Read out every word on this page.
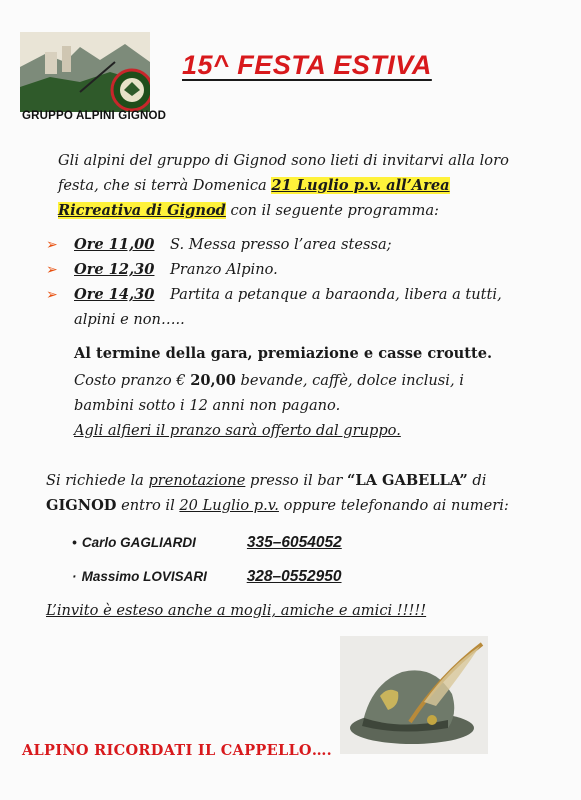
GRUPPO ALPINI GIGNOD
15^ FESTA ESTIVA
Gli alpini del gruppo di Gignod sono lieti di invitarvi alla loro
festa, che si terrà Domenica 21 Luglio p.v. all’Area
Ricreativa di Gignod con il seguente programma:
➢ Ore 11,00 S. Messa presso l’area stessa;
➢ Ore 12,30 Pranzo Alpino.
➢ Ore 14,30 Partita a petanque a baraonda, libera a tutti,
alpini e non…..
Al termine della gara, premiazione e casse croutte.
Costo pranzo € 20,00 bevande, caffè, dolce inclusi, i
bambini sotto i 12 anni non pagano.
Agli alfieri il pranzo sarà offerto dal gruppo.
Si richiede la prenotazione presso il bar “LA GABELLA” di
GIGNOD entro il 20 Luglio p.v. oppure telefonando ai numeri:
• Carlo GAGLIARDI	335–6054052
· Massimo LOVISARI	328–0552950
L’invito è esteso anche a mogli, amiche e amici !!!!!
ALPINO RICORDATI IL CAPPELLO….
